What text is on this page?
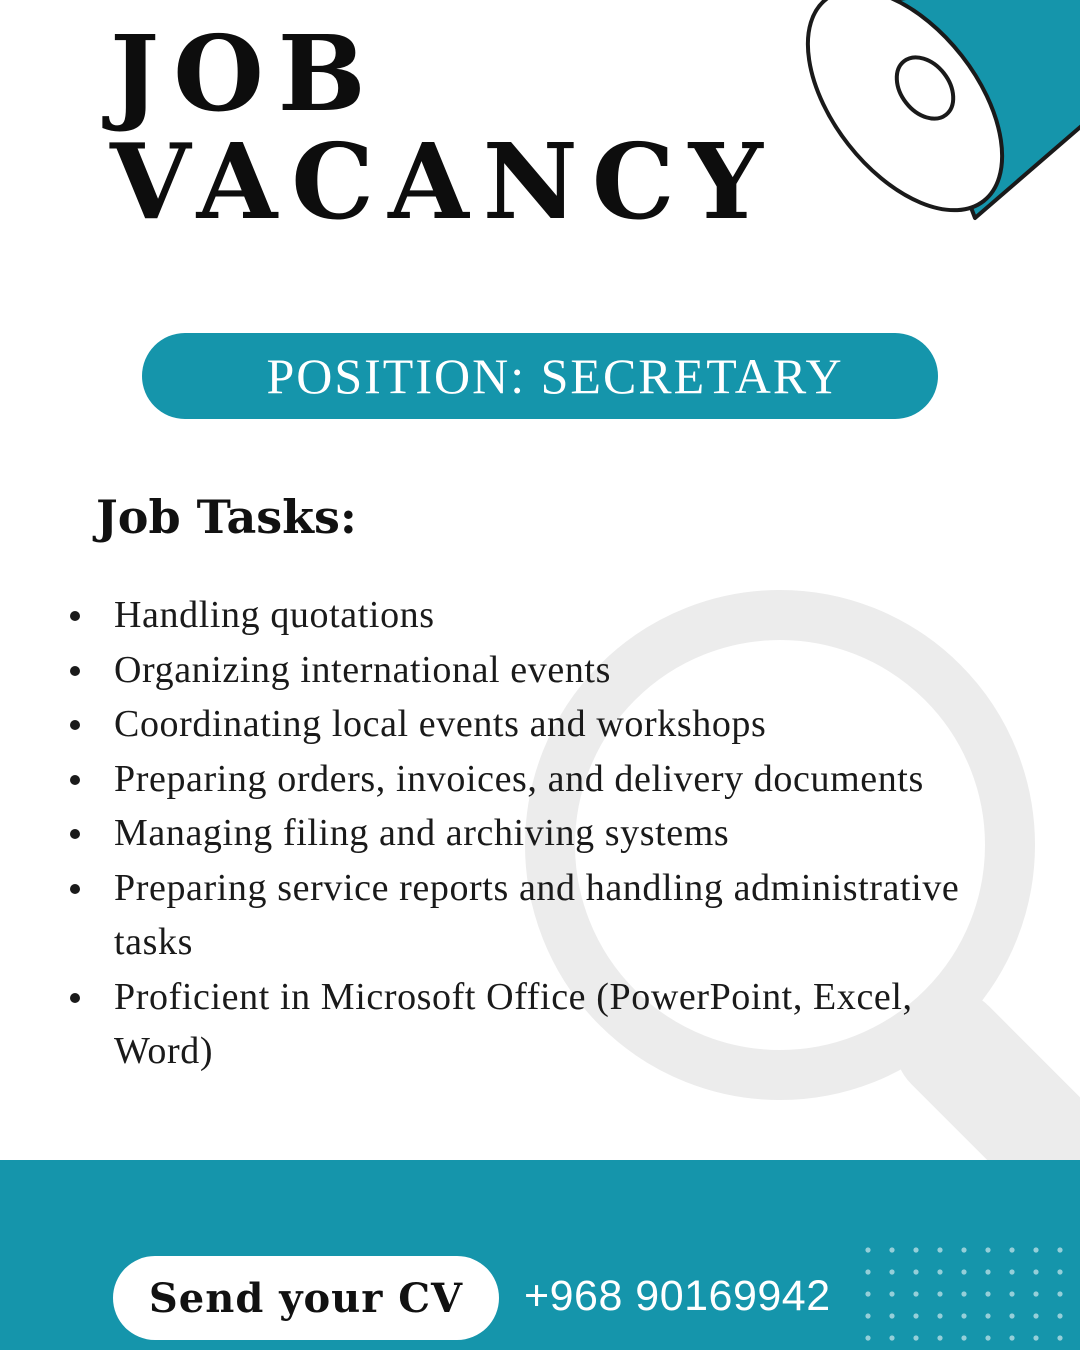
JOB
VACANCY
POSITION: SECRETARY
Job Tasks:
Handling quotations
Organizing international events
Coordinating local events and workshops
Preparing orders, invoices, and delivery documents
Managing filing and archiving systems
Preparing service reports and handling administrative
tasks
Proficient in Microsoft Office (PowerPoint, Excel,
Word)
Send your CV +968 90169942
